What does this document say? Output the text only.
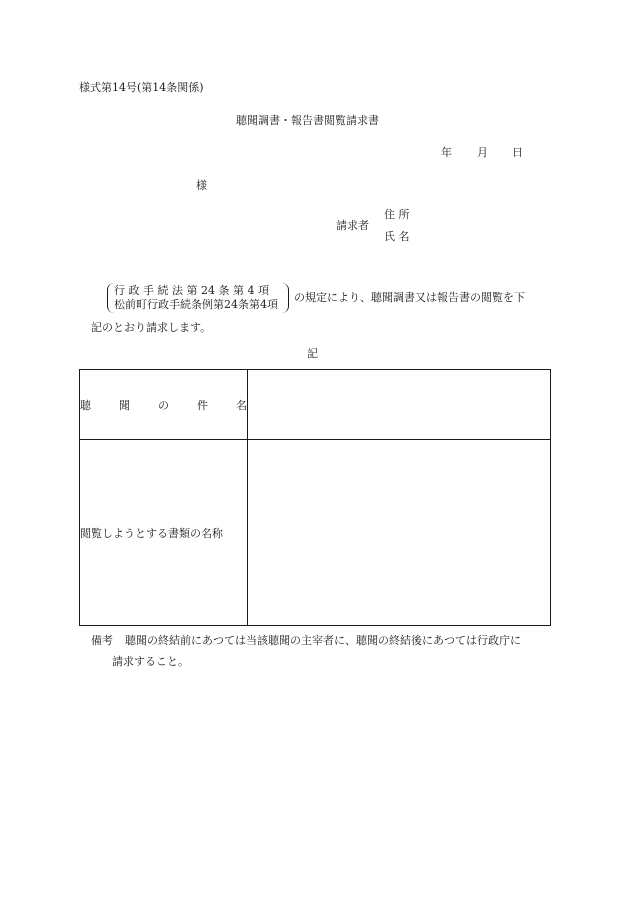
様式第14号(第14条関係)
聴聞調書・報告書閲覧請求書
年 月 日
様
請求者
住 所
氏 名
行 政 手 続 法 第 24 条 第 4 項
松前町行政手続条例第24条第4項
の規定により、聴聞調書又は報告書の閲覧を下
記のとおり請求します。
記
聴 聞 の 件 名	

閲覧しようとする書類の名称	
備考 聴聞の終結前にあつては当該聴聞の主宰者に、聴聞の終結後にあつては行政庁に
請求すること。
